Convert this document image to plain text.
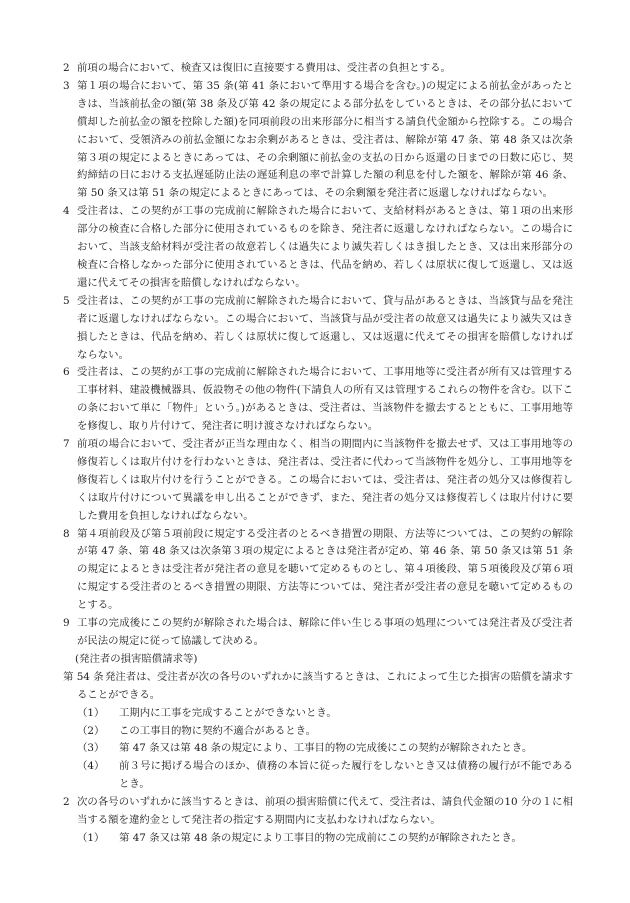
2 前項の場合において、検査又は復旧に直接要する費用は、受注者の負担とする。

3 第１項の場合において、第 35 条(第 41 条において準用する場合を含む。)の規定による前払金があったときは、当該前払金の額(第 38 条及び第 42 条の規定による部分払をしているときは、その部分払において償却した前払金の額を控除した額)を同項前段の出来形部分に相当する請負代金額から控除する。この場合において、受領済みの前払金額になお余剰があるときは、受注者は、解除が第 47 条、第 48 条又は次条第３項の規定によるときにあっては、その余剰額に前払金の支払の日から返還の日までの日数に応じ、契約締結の日における支払遅延防止法の遅延利息の率で計算した額の利息を付した額を、解除が第 46 条、第 50 条又は第 51 条の規定によるときにあっては、その余剰額を発注者に返還しなければならない。

4 受注者は、この契約が工事の完成前に解除された場合において、支給材料があるときは、第１項の出来形部分の検査に合格した部分に使用されているものを除き、発注者に返還しなければならない。この場合において、当該支給材料が受注者の故意若しくは過失により滅失若しくはき損したとき、又は出来形部分の検査に合格しなかった部分に使用されているときは、代品を納め、若しくは原状に復して返還し、又は返還に代えてその損害を賠償しなければならない。

5 受注者は、この契約が工事の完成前に解除された場合において、貸与品があるときは、当該貸与品を発注者に返還しなければならない。この場合において、当該貸与品が受注者の故意又は過失により滅失又はき損したときは、代品を納め、若しくは原状に復して返還し、又は返還に代えてその損害を賠償しなければならない。

6 受注者は、この契約が工事の完成前に解除された場合において、工事用地等に受注者が所有又は管理する工事材料、建設機械器具、仮設物その他の物件(下請負人の所有又は管理するこれらの物件を含む。以下この条において単に「物件」という。)があるときは、受注者は、当該物件を撤去するとともに、工事用地等を修復し、取り片付けて、発注者に明け渡さなければならない。

7 前項の場合において、受注者が正当な理由なく、相当の期間内に当該物件を撤去せず、又は工事用地等の修復若しくは取片付けを行わないときは、発注者は、受注者に代わって当該物件を処分し、工事用地等を修復若しくは取片付けを行うことができる。この場合においては、受注者は、発注者の処分又は修復若しくは取片付けについて異議を申し出ることができず、また、発注者の処分又は修復若しくは取片付けに要した費用を負担しなければならない。

8 第４項前段及び第５項前段に規定する受注者のとるべき措置の期限、方法等については、この契約の解除が第 47 条、第 48 条又は次条第３項の規定によるときは発注者が定め、第 46 条、第 50 条又は第 51 条の規定によるときは受注者が発注者の意見を聴いて定めるものとし、第４項後段、第５項後段及び第６項に規定する受注者のとるべき措置の期限、方法等については、発注者が受注者の意見を聴いて定めるものとする。

9 工事の完成後にこの契約が解除された場合は、解除に伴い生じる事項の処理については発注者及び受注者が民法の規定に従って協議して決める。

(発注者の損害賠償請求等)

第 54 条発注者は、受注者が次の各号のいずれかに該当するときは、これによって生じた損害の賠償を請求することができる。

（1）	工期内に工事を完成することができないとき。

（2）	この工事目的物に契約不適合があるとき。

（3）	第 47 条又は第 48 条の規定により、工事目的物の完成後にこの契約が解除されたとき。

（4）	前３号に掲げる場合のほか、債務の本旨に従った履行をしないとき又は債務の履行が不能であるとき。

2 次の各号のいずれかに該当するときは、前項の損害賠償に代えて、受注者は、請負代金額の10 分の１に相当する額を違約金として発注者の指定する期間内に支払わなければならない。

（1）	第 47 条又は第 48 条の規定により工事目的物の完成前にこの契約が解除されたとき。
